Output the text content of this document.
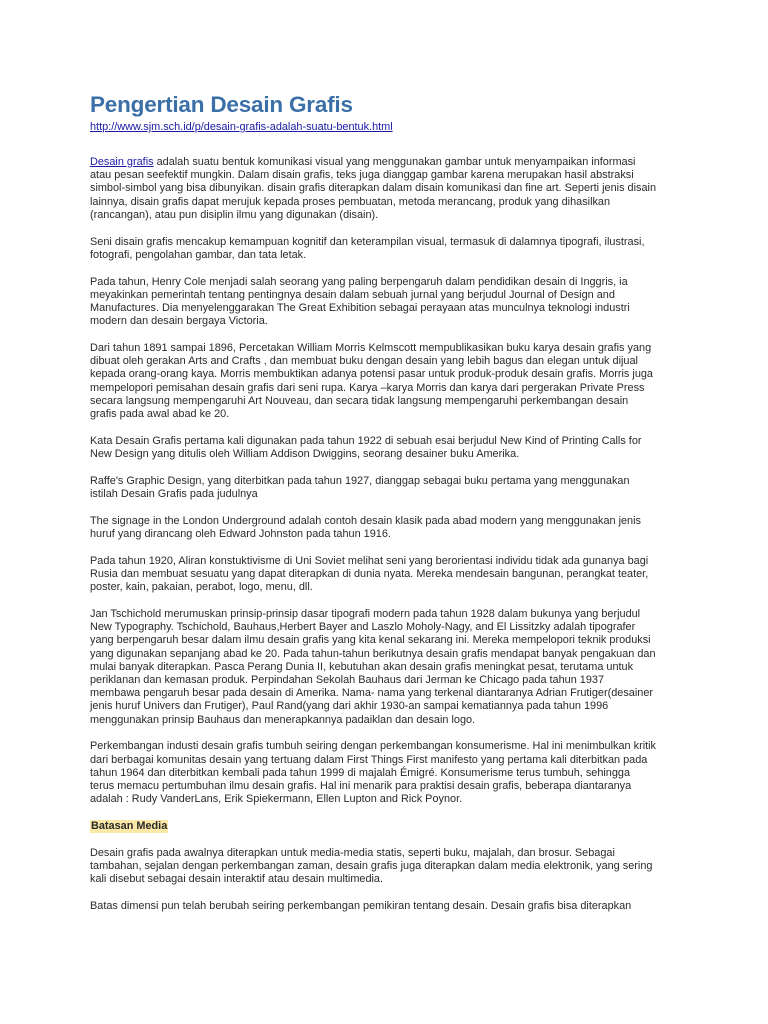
Pengertian Desain Grafis
http://www.sjm.sch.id/p/desain-grafis-adalah-suatu-bentuk.html

Desain grafis adalah suatu bentuk komunikasi visual yang menggunakan gambar untuk menyampaikan informasi
atau pesan seefektif mungkin. Dalam disain grafis, teks juga dianggap gambar karena merupakan hasil abstraksi
simbol-simbol yang bisa dibunyikan. disain grafis diterapkan dalam disain komunikasi dan fine art. Seperti jenis disain
lainnya, disain grafis dapat merujuk kepada proses pembuatan, metoda merancang, produk yang dihasilkan
(rancangan), atau pun disiplin ilmu yang digunakan (disain).

Seni disain grafis mencakup kemampuan kognitif dan keterampilan visual, termasuk di dalamnya tipografi, ilustrasi,
fotografi, pengolahan gambar, dan tata letak.

Pada tahun, Henry Cole menjadi salah seorang yang paling berpengaruh dalam pendidikan desain di Inggris, ia
meyakinkan pemerintah tentang pentingnya desain dalam sebuah jurnal yang berjudul Journal of Design and
Manufactures. Dia menyelenggarakan The Great Exhibition sebagai perayaan atas munculnya teknologi industri
modern dan desain bergaya Victoria.

Dari tahun 1891 sampai 1896, Percetakan William Morris Kelmscott mempublikasikan buku karya desain grafis yang
dibuat oleh gerakan Arts and Crafts , dan membuat buku dengan desain yang lebih bagus dan elegan untuk dijual
kepada orang-orang kaya. Morris membuktikan adanya potensi pasar untuk produk-produk desain grafis. Morris juga
mempelopori pemisahan desain grafis dari seni rupa. Karya –karya Morris dan karya dari pergerakan Private Press
secara langsung mempengaruhi Art Nouveau, dan secara tidak langsung mempengaruhi perkembangan desain
grafis pada awal abad ke 20.

Kata Desain Grafis pertama kali digunakan pada tahun 1922 di sebuah esai berjudul New Kind of Printing Calls for
New Design yang ditulis oleh William Addison Dwiggins, seorang desainer buku Amerika.

Raffe's Graphic Design, yang diterbitkan pada tahun 1927, dianggap sebagai buku pertama yang menggunakan
istilah Desain Grafis pada judulnya

The signage in the London Underground adalah contoh desain klasik pada abad modern yang menggunakan jenis
huruf yang dirancang oleh Edward Johnston pada tahun 1916.

Pada tahun 1920, Aliran konstuktivisme di Uni Soviet melihat seni yang berorientasi individu tidak ada gunanya bagi
Rusia dan membuat sesuatu yang dapat diterapkan di dunia nyata. Mereka mendesain bangunan, perangkat teater,
poster, kain, pakaian, perabot, logo, menu, dll.

Jan Tschichold merumuskan prinsip-prinsip dasar tipografi modern pada tahun 1928 dalam bukunya yang berjudul
New Typography. Tschichold, Bauhaus,Herbert Bayer and Laszlo Moholy-Nagy, and El Lissitzky adalah tipografer
yang berpengaruh besar dalam ilmu desain grafis yang kita kenal sekarang ini. Mereka mempelopori teknik produksi
yang digunakan sepanjang abad ke 20. Pada tahun-tahun berikutnya desain grafis mendapat banyak pengakuan dan
mulai banyak diterapkan. Pasca Perang Dunia II, kebutuhan akan desain grafis meningkat pesat, terutama untuk
periklanan dan kemasan produk. Perpindahan Sekolah Bauhaus dari Jerman ke Chicago pada tahun 1937
membawa pengaruh besar pada desain di Amerika. Nama- nama yang terkenal diantaranya Adrian Frutiger(desainer
jenis huruf Univers dan Frutiger), Paul Rand(yang dari akhir 1930-an sampai kematiannya pada tahun 1996
menggunakan prinsip Bauhaus dan menerapkannya padaiklan dan desain logo.

Perkembangan industi desain grafis tumbuh seiring dengan perkembangan konsumerisme. Hal ini menimbulkan kritik
dari berbagai komunitas desain yang tertuang dalam First Things First manifesto yang pertama kali diterbitkan pada
tahun 1964 dan diterbitkan kembali pada tahun 1999 di majalah Émigré. Konsumerisme terus tumbuh, sehingga
terus memacu pertumbuhan ilmu desain grafis. Hal ini menarik para praktisi desain grafis, beberapa diantaranya
adalah : Rudy VanderLans, Erik Spiekermann, Ellen Lupton and Rick Poynor.

Batasan Media

Desain grafis pada awalnya diterapkan untuk media-media statis, seperti buku, majalah, dan brosur. Sebagai
tambahan, sejalan dengan perkembangan zaman, desain grafis juga diterapkan dalam media elektronik, yang sering
kali disebut sebagai desain interaktif atau desain multimedia.

Batas dimensi pun telah berubah seiring perkembangan pemikiran tentang desain. Desain grafis bisa diterapkan
